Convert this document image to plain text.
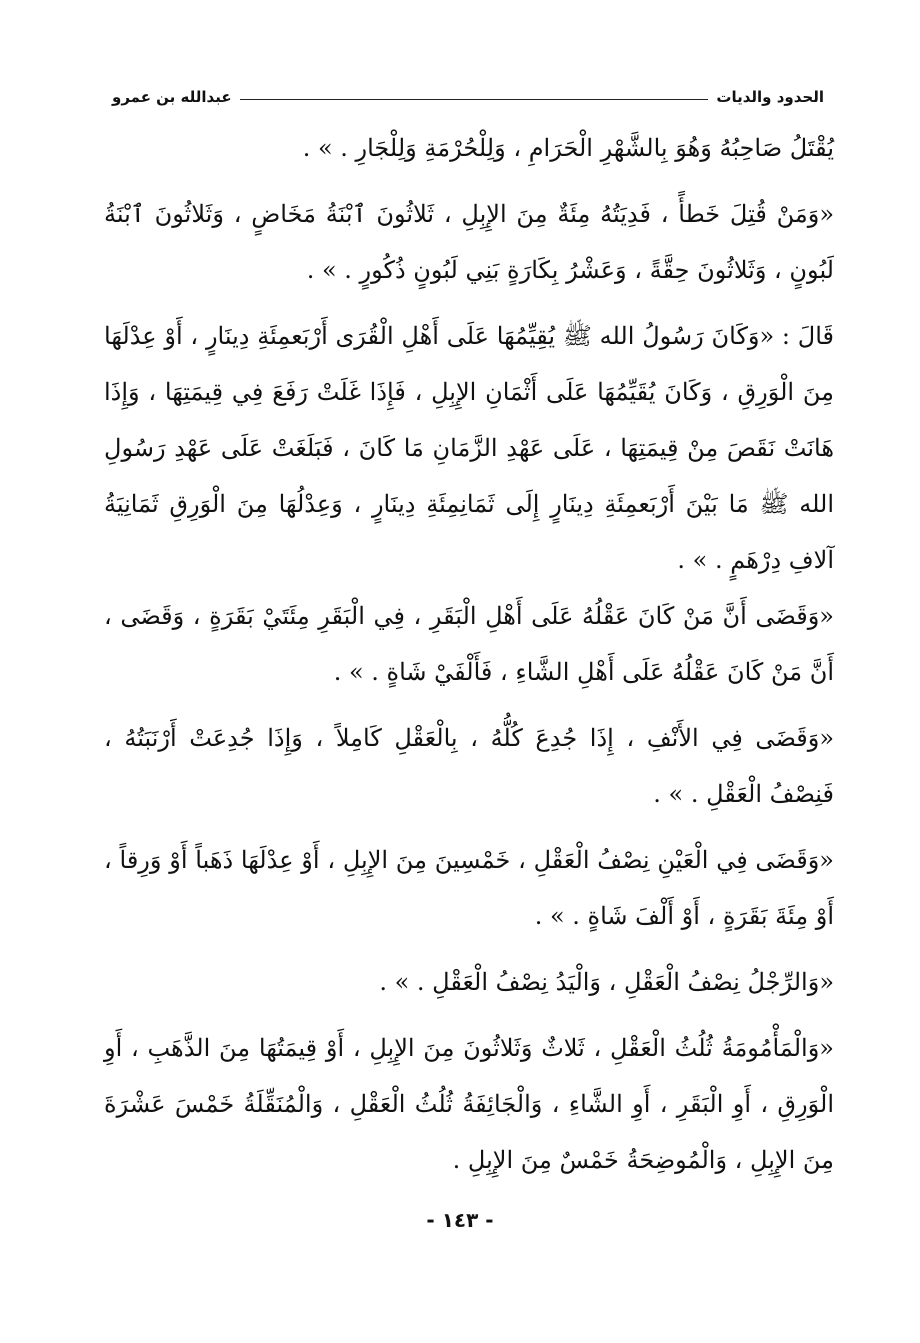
الحدود والديات
عبدالله بن عمرو

يُقْتَلُ صَاحِبُهُ وَهُوَ بِالشَّهْرِ الْحَرَامِ ، وَلِلْحُرْمَةِ وَلِلْجَارِ . » .

«وَمَنْ قُتِلَ خَطأً ، فَدِيَتُهُ مِئَةٌ مِنَ الإِبِلِ ، ثَلاثُونَ ٱبْنَةُ مَخَاضٍ ، وَثَلاثُونَ ٱبْنَةُ لَبُونٍ ، وَثَلاثُونَ حِقَّةً ، وَعَشْرُ بِكَارَةٍ بَنِي لَبُونٍ ذُكُورٍ . » .

قَالَ : «وَكَانَ رَسُولُ الله ﷺ يُقِيِّمُهَا عَلَى أَهْلِ الْقُرَى أَرْبَعمِئَةِ دِينَارٍ ، أَوْ عِدْلَهَا مِنَ الْوَرِقِ ، وَكَانَ يُقَيِّمُهَا عَلَى أَثْمَانِ الإِبِلِ ، فَإِذَا غَلَتْ رَفَعَ فِي قِيمَتِهَا ، وَإِذَا هَانَتْ نَقَصَ مِنْ قِيمَتِهَا ، عَلَى عَهْدِ الزَّمَانِ مَا كَانَ ، فَبَلَغَتْ عَلَى عَهْدِ رَسُولِ الله ﷺ مَا بَيْنَ أَرْبَعمِئَةِ دِينَارٍ إِلَى ثَمَانِمِئَةِ دِينَارٍ ، وَعِدْلُهَا مِنَ الْوَرِقِ ثَمَانِيَةُ آلافِ دِرْهَمٍ . » .

«وَقَضَى أَنَّ مَنْ كَانَ عَقْلُهُ عَلَى أَهْلِ الْبَقَرِ ، فِي الْبَقَرِ مِئَتَيْ بَقَرَةٍ ، وَقَضَى ، أَنَّ مَنْ كَانَ عَقْلُهُ عَلَى أَهْلِ الشَّاءِ ، فَأَلْفَيْ شَاةٍ . » .

«وَقَضَى فِي الأَنْفِ ، إِذَا جُدِعَ كُلُّهُ ، بِالْعَقْلِ كَامِلاً ، وَإِذَا جُدِعَتْ أَرْنَبَتُهُ ، فَنِصْفُ الْعَقْلِ . » .

«وَقَضَى فِي الْعَيْنِ نِصْفُ الْعَقْلِ ، خَمْسِينَ مِنَ الإِبِلِ ، أَوْ عِدْلَهَا ذَهَباً أَوْ وَرِقاً ، أَوْ مِئَةَ بَقَرَةٍ ، أَوْ أَلْفَ شَاةٍ . » .

«وَالرِّجْلُ نِصْفُ الْعَقْلِ ، وَالْيَدُ نِصْفُ الْعَقْلِ . » .

«وَالْمَأْمُومَةُ ثُلُثُ الْعَقْلِ ، ثَلاثٌ وَثَلاثُونَ مِنَ الإِبِلِ ، أَوْ قِيمَتُهَا مِنَ الذَّهَبِ ، أَوِ الْوَرِقِ ، أَوِ الْبَقَرِ ، أَوِ الشَّاءِ ، وَالْجَائِفَةُ ثُلُثُ الْعَقْلِ ، وَالْمُنَقِّلَةُ خَمْسَ عَشْرَةَ مِنَ الإِبِلِ ، وَالْمُوضِحَةُ خَمْسٌ مِنَ الإِبِلِ .

- ١٤٣ -
